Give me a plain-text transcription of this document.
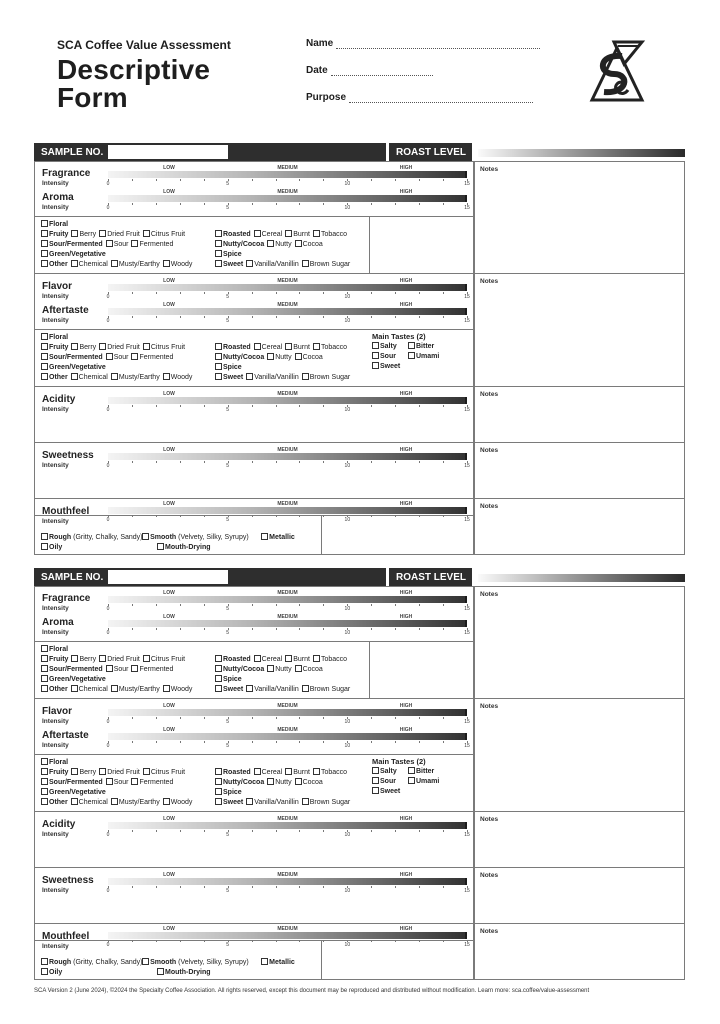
SCA Coffee Value Assessment
Descriptive
Form
Name
Date
Purpose
SAMPLE NO.	ROAST LEVEL
Notes
Notes
Notes
Notes
Notes
Fragrance
Intensity
LOW	MEDIUM	HIGH
0	5	10	15
Aroma
Intensity
LOW	MEDIUM	HIGH
0	5	10	15
Floral
Fruity Berry Dried Fruit Citrus Fruit
Sour/Fermented Sour Fermented
Green/Vegetative
Other Chemical Musty/Earthy Woody
Roasted Cereal Burnt Tobacco
Nutty/Cocoa Nutty Cocoa
Spice
Sweet Vanilla/Vanillin Brown Sugar
Flavor
Intensity
LOW	MEDIUM	HIGH
0	5	10	15
Aftertaste
Intensity
LOW	MEDIUM	HIGH
0	5	10	15
Floral
Fruity Berry Dried Fruit Citrus Fruit
Sour/Fermented Sour Fermented
Green/Vegetative
Other Chemical Musty/Earthy Woody
Roasted Cereal Burnt Tobacco
Nutty/Cocoa Nutty Cocoa
Spice
Sweet Vanilla/Vanillin Brown Sugar
Main Tastes (2)
Salty	Bitter
Sour	Umami
Sweet
Acidity
Intensity
LOW	MEDIUM	HIGH
0	5	10	15
Sweetness
Intensity
LOW	MEDIUM	HIGH
0	5	10	15
Mouthfeel
Intensity
LOW	MEDIUM	HIGH
0	5	10	15
Rough (Gritty, Chalky, Sandy) Smooth (Velvety, Silky, Syrupy)	Metallic
Oily	Mouth-Drying
SAMPLE NO.	ROAST LEVEL
Notes
Notes
Notes
Notes
Notes
Fragrance
Intensity
LOW	MEDIUM	HIGH
0	5	10	15
Aroma
Intensity
LOW	MEDIUM	HIGH
0	5	10	15
Floral
Fruity Berry Dried Fruit Citrus Fruit
Sour/Fermented Sour Fermented
Green/Vegetative
Other Chemical Musty/Earthy Woody
Roasted Cereal Burnt Tobacco
Nutty/Cocoa Nutty Cocoa
Spice
Sweet Vanilla/Vanillin Brown Sugar
Flavor
Intensity
LOW	MEDIUM	HIGH
0	5	10	15
Aftertaste
Intensity
LOW	MEDIUM	HIGH
0	5	10	15
Floral
Fruity Berry Dried Fruit Citrus Fruit
Sour/Fermented Sour Fermented
Green/Vegetative
Other Chemical Musty/Earthy Woody
Roasted Cereal Burnt Tobacco
Nutty/Cocoa Nutty Cocoa
Spice
Sweet Vanilla/Vanillin Brown Sugar
Main Tastes (2)
Salty	Bitter
Sour	Umami
Sweet
Acidity
Intensity
LOW	MEDIUM	HIGH
0	5	10	15
Sweetness
Intensity
LOW	MEDIUM	HIGH
0	5	10	15
Mouthfeel
Intensity
LOW	MEDIUM	HIGH
0	5	10	15
Rough (Gritty, Chalky, Sandy) Smooth (Velvety, Silky, Syrupy)	Metallic
Oily	Mouth-Drying
SCA Version 2 (June 2024), ©2024 the Specialty Coffee Association. All rights reserved, except this document may be reproduced and distributed without modification. Learn more: sca.coffee/value-assessment
